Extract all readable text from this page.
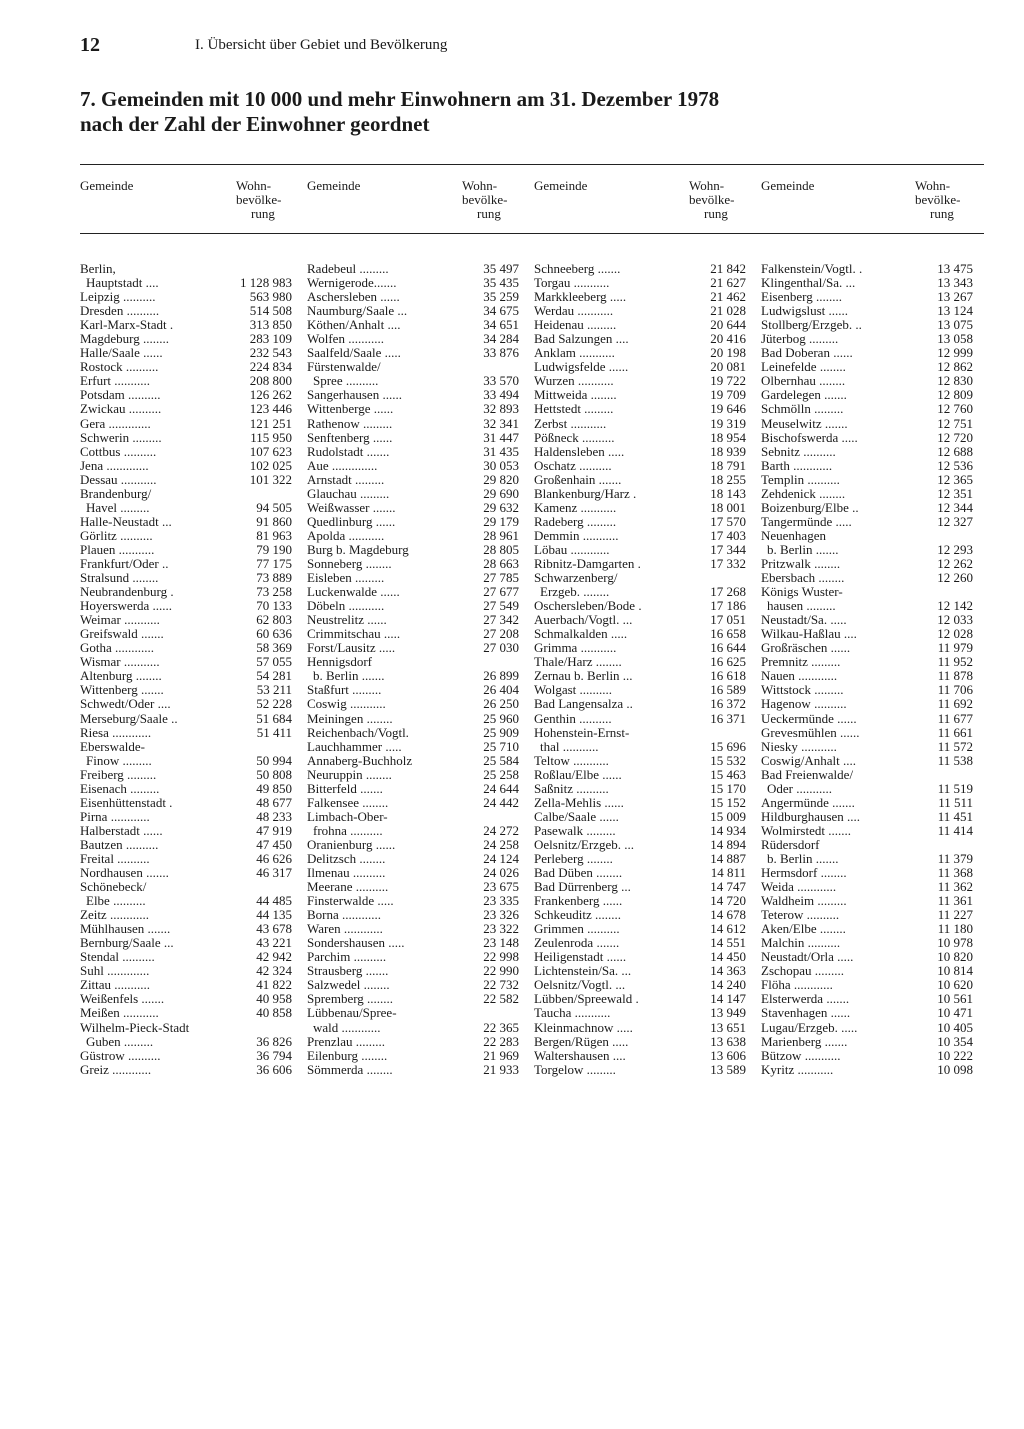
12	I. Übersicht über Gebiet und Bevölkerung
7. Gemeinden mit 10 000 und mehr Einwohnern am 31. Dezember 1978
nach der Zahl der Einwohner geordnet
Gemeinde	Wohn-
bevölke-
rung
Gemeinde	Wohn-
bevölke-
rung
Gemeinde	Wohn-
bevölke-
rung
Gemeinde	Wohn-
bevölke-
rung
Berlin,
Hauptstadt ....	1 128 983
Leipzig ..........	563 980
Dresden ..........	514 508
Karl-Marx-Stadt .	313 850
Magdeburg ........	283 109
Halle/Saale ......	232 543
Rostock ..........	224 834
Erfurt ...........	208 800
Potsdam ..........	126 262
Zwickau ..........	123 446
Gera .............	121 251
Schwerin .........	115 950
Cottbus ..........	107 623
Jena .............	102 025
Dessau ...........	101 322
Brandenburg/
Havel .........	94 505
Halle-Neustadt ...	91 860
Görlitz ..........	81 963
Plauen ...........	79 190
Frankfurt/Oder ..	77 175
Stralsund ........	73 889
Neubrandenburg .	73 258
Hoyerswerda ......	70 133
Weimar ...........	62 803
Greifswald .......	60 636
Gotha ............	58 369
Wismar ...........	57 055
Altenburg ........	54 281
Wittenberg .......	53 211
Schwedt/Oder ....	52 228
Merseburg/Saale ..	51 684
Riesa ............	51 411
Eberswalde-
Finow .........	50 994
Freiberg .........	50 808
Eisenach .........	49 850
Eisenhüttenstadt .	48 677
Pirna ............	48 233
Halberstadt ......	47 919
Bautzen ..........	47 450
Freital ..........	46 626
Nordhausen .......	46 317
Schönebeck/
Elbe ..........	44 485
Zeitz ............	44 135
Mühlhausen .......	43 678
Bernburg/Saale ...	43 221
Stendal ..........	42 942
Suhl .............	42 324
Zittau ...........	41 822
Weißenfels .......	40 958
Meißen ...........	40 858
Wilhelm-Pieck-Stadt
Guben .........	36 826
Güstrow ..........	36 794
Greiz ............	36 606
Radebeul .........	35 497
Wernigerode.......	35 435
Aschersleben ......	35 259
Naumburg/Saale ...	34 675
Köthen/Anhalt ....	34 651
Wolfen ...........	34 284
Saalfeld/Saale .....	33 876
Fürstenwalde/
Spree ..........	33 570
Sangerhausen ......	33 494
Wittenberge ......	32 893
Rathenow .........	32 341
Senftenberg ......	31 447
Rudolstadt .......	31 435
Aue ..............	30 053
Arnstadt .........	29 820
Glauchau .........	29 690
Weißwasser .......	29 632
Quedlinburg ......	29 179
Apolda ...........	28 961
Burg b. Magdeburg	28 805
Sonneberg ........	28 663
Eisleben .........	27 785
Luckenwalde ......	27 677
Döbeln ...........	27 549
Neustrelitz ......	27 342
Crimmitschau .....	27 208
Forst/Lausitz .....	27 030
Hennigsdorf
b. Berlin .......	26 899
Staßfurt .........	26 404
Coswig ...........	26 250
Meiningen ........	25 960
Reichenbach/Vogtl.	25 909
Lauchhammer .....	25 710
Annaberg-Buchholz	25 584
Neuruppin ........	25 258
Bitterfeld .......	24 644
Falkensee ........	24 442
Limbach-Ober-
frohna ..........	24 272
Oranienburg ......	24 258
Delitzsch ........	24 124
Ilmenau ..........	24 026
Meerane ..........	23 675
Finsterwalde .....	23 335
Borna ............	23 326
Waren ............	23 322
Sondershausen .....	23 148
Parchim ..........	22 998
Strausberg .......	22 990
Salzwedel ........	22 732
Spremberg ........	22 582
Lübbenau/Spree-
wald ............	22 365
Prenzlau .........	22 283
Eilenburg ........	21 969
Sömmerda ........	21 933
Schneeberg .......	21 842
Torgau ...........	21 627
Markkleeberg .....	21 462
Werdau ...........	21 028
Heidenau .........	20 644
Bad Salzungen ....	20 416
Anklam ...........	20 198
Ludwigsfelde ......	20 081
Wurzen ...........	19 722
Mittweida ........	19 709
Hettstedt .........	19 646
Zerbst ...........	19 319
Pößneck ..........	18 954
Haldensleben .....	18 939
Oschatz ..........	18 791
Großenhain .......	18 255
Blankenburg/Harz .	18 143
Kamenz ...........	18 001
Radeberg .........	17 570
Demmin ...........	17 403
Löbau ............	17 344
Ribnitz-Damgarten .	17 332
Schwarzenberg/
Erzgeb. ........	17 268
Oschersleben/Bode .	17 186
Auerbach/Vogtl. ...	17 051
Schmalkalden .....	16 658
Grimma ...........	16 644
Thale/Harz ........	16 625
Zernau b. Berlin ...	16 618
Wolgast ..........	16 589
Bad Langensalza ..	16 372
Genthin ..........	16 371
Hohenstein-Ernst-
thal ...........	15 696
Teltow ...........	15 532
Roßlau/Elbe ......	15 463
Saßnitz ..........	15 170
Zella-Mehlis ......	15 152
Calbe/Saale ......	15 009
Pasewalk .........	14 934
Oelsnitz/Erzgeb. ...	14 894
Perleberg ........	14 887
Bad Düben ........	14 811
Bad Dürrenberg ...	14 747
Frankenberg ......	14 720
Schkeuditz ........	14 678
Grimmen ..........	14 612
Zeulenroda .......	14 551
Heiligenstadt ......	14 450
Lichtenstein/Sa. ...	14 363
Oelsnitz/Vogtl. ...	14 240
Lübben/Spreewald .	14 147
Taucha ...........	13 949
Kleinmachnow .....	13 651
Bergen/Rügen .....	13 638
Waltershausen ....	13 606
Torgelow .........	13 589
Falkenstein/Vogtl. .	13 475
Klingenthal/Sa. ...	13 343
Eisenberg ........	13 267
Ludwigslust ......	13 124
Stollberg/Erzgeb. ..	13 075
Jüterbog .........	13 058
Bad Doberan ......	12 999
Leinefelde ........	12 862
Olbernhau ........	12 830
Gardelegen .......	12 809
Schmölln .........	12 760
Meuselwitz .......	12 751
Bischofswerda .....	12 720
Sebnitz ..........	12 688
Barth ............	12 536
Templin ..........	12 365
Zehdenick ........	12 351
Boizenburg/Elbe ..	12 344
Tangermünde .....	12 327
Neuenhagen
b. Berlin .......	12 293
Pritzwalk ........	12 262
Ebersbach ........	12 260
Königs Wuster-
hausen .........	12 142
Neustadt/Sa. .....	12 033
Wilkau-Haßlau ....	12 028
Großräschen ......	11 979
Premnitz .........	11 952
Nauen ............	11 878
Wittstock .........	11 706
Hagenow ..........	11 692
Ueckermünde ......	11 677
Grevesmühlen ......	11 661
Niesky ...........	11 572
Coswig/Anhalt ....	11 538
Bad Freienwalde/
Oder ...........	11 519
Angermünde .......	11 511
Hildburghausen ....	11 451
Wolmirstedt .......	11 414
Rüdersdorf
b. Berlin .......	11 379
Hermsdorf ........	11 368
Weida ............	11 362
Waldheim .........	11 361
Teterow ..........	11 227
Aken/Elbe ........	11 180
Malchin ..........	10 978
Neustadt/Orla .....	10 820
Zschopau .........	10 814
Flöha ............	10 620
Elsterwerda .......	10 561
Stavenhagen ......	10 471
Lugau/Erzgeb. .....	10 405
Marienberg .......	10 354
Bützow ...........	10 222
Kyritz ...........	10 098
